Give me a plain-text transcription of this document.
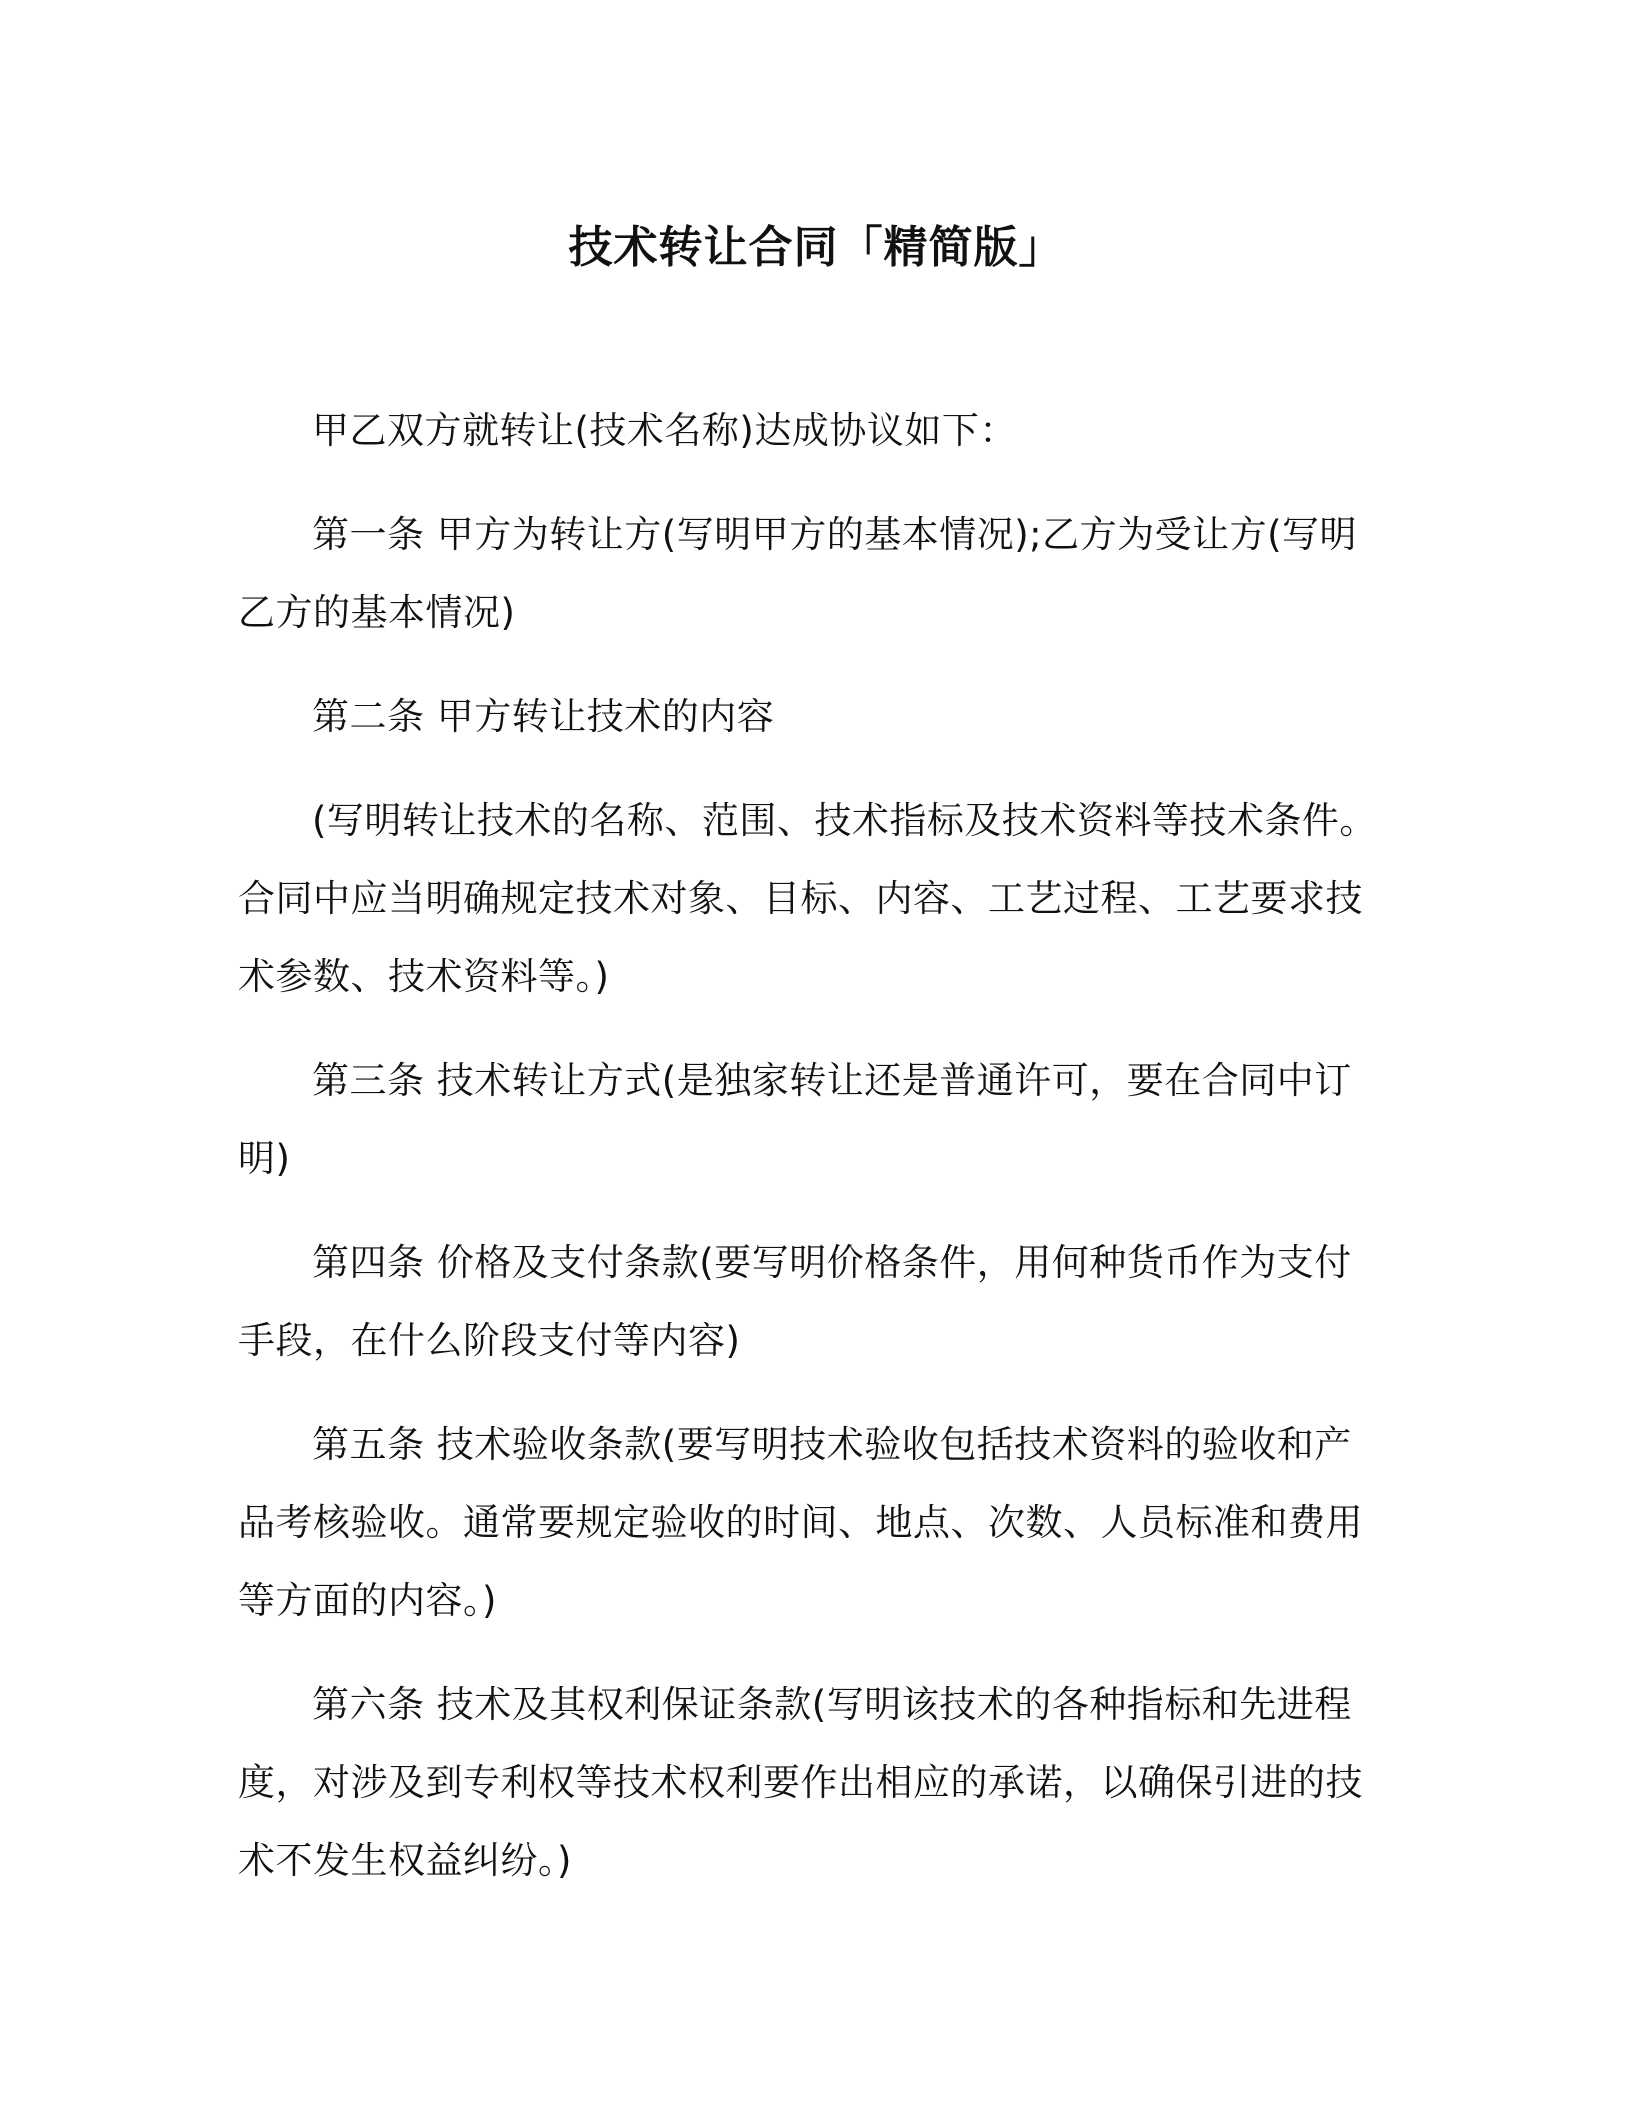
技术转让合同「精简版」

甲乙双方就转让(技术名称)达成协议如下：

第一条 甲方为转让方(写明甲方的基本情况);乙方为受让方(写明乙方的基本情况)

第二条 甲方转让技术的内容

(写明转让技术的名称、范围、技术指标及技术资料等技术条件。合同中应当明确规定技术对象、目标、内容、工艺过程、工艺要求技术参数、技术资料等。)

第三条 技术转让方式(是独家转让还是普通许可，要在合同中订明)

第四条 价格及支付条款(要写明价格条件，用何种货币作为支付手段，在什么阶段支付等内容)

第五条 技术验收条款(要写明技术验收包括技术资料的验收和产品考核验收。通常要规定验收的时间、地点、次数、人员标准和费用等方面的内容。)

第六条 技术及其权利保证条款(写明该技术的各种指标和先进程度，对涉及到专利权等技术权利要作出相应的承诺，以确保引进的技术不发生权益纠纷。)
